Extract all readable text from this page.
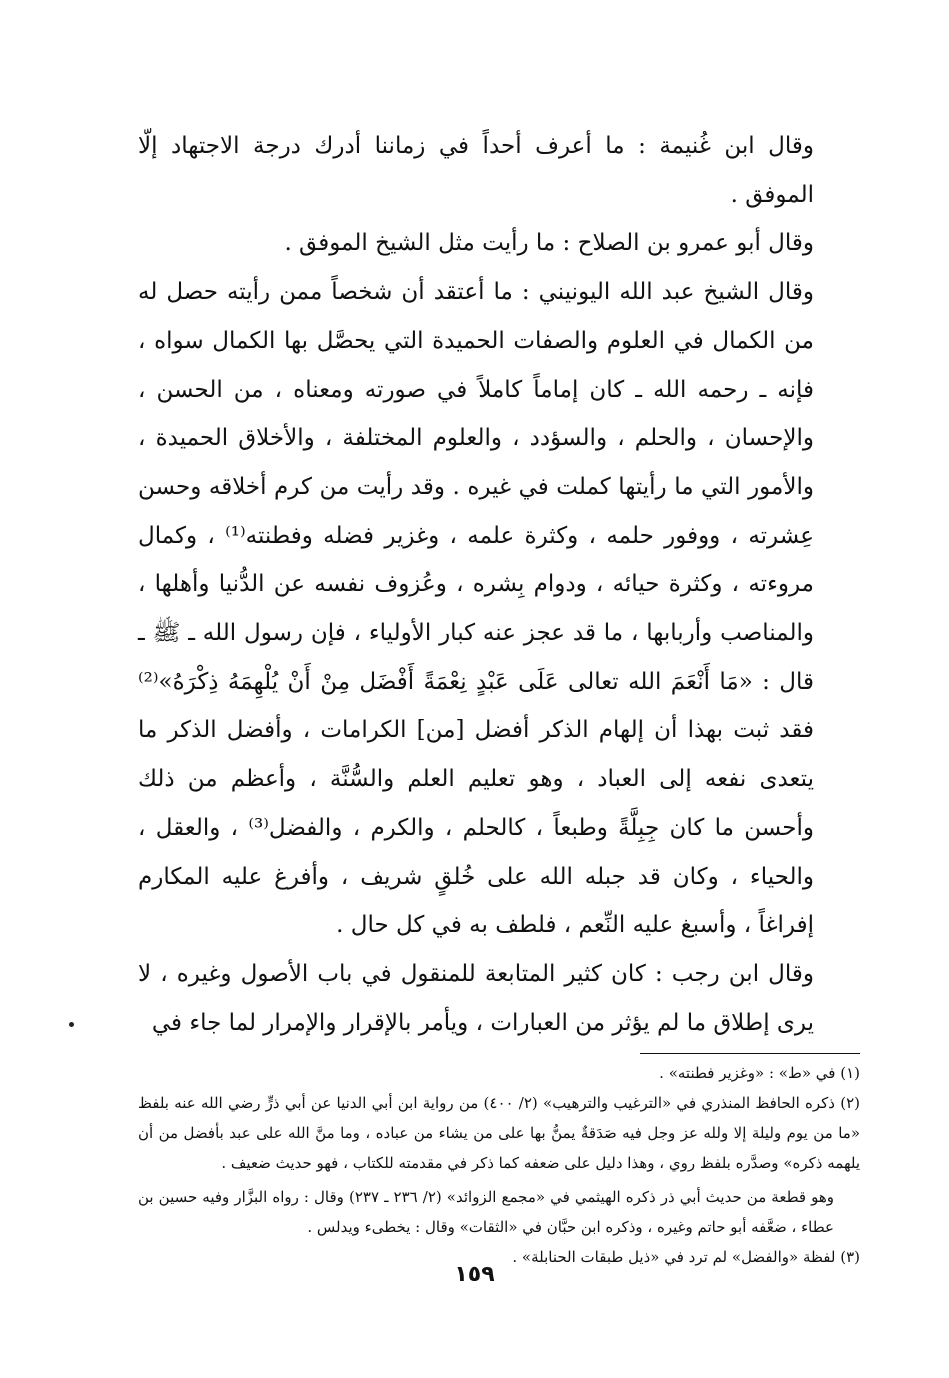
وقال ابن غُنيمة : ما أعرف أحداً في زماننا أدرك درجة الاجتهاد إلّا الموفق .

وقال أبو عمرو بن الصلاح : ما رأيت مثل الشيخ الموفق .

وقال الشيخ عبد الله اليونيني : ما أعتقد أن شخصاً ممن رأيته حصل له من الكمال في العلوم والصفات الحميدة التي يحصَّل بها الكمال سواه ، فإنه ـ رحمه الله ـ كان إماماً كاملاً في صورته ومعناه ، من الحسن ، والإحسان ، والحلم ، والسؤدد ، والعلوم المختلفة ، والأخلاق الحميدة ، والأمور التي ما رأيتها كملت في غيره . وقد رأيت من كرم أخلاقه وحسن عِشرته ، ووفور حلمه ، وكثرة علمه ، وغزير فضله وفطنته⁽¹⁾ ، وكمال مروءته ، وكثرة حيائه ، ودوام بِشره ، وعُزوف نفسه عن الدُّنيا وأهلها ، والمناصب وأربابها ، ما قد عجز عنه كبار الأولياء ، فإن رسول الله ـ ﷺ ـ قال : «مَا أَنْعَمَ الله تعالى عَلَى عَبْدٍ نِعْمَةً أَفْضَل مِنْ أَنْ يُلْهِمَهُ ذِكْرَهُ»⁽²⁾ فقد ثبت بهذا أن إلهام الذكر أفضل [من] الكرامات ، وأفضل الذكر ما يتعدى نفعه إلى العباد ، وهو تعليم العلم والسُّنَّة ، وأعظم من ذلك وأحسن ما كان جِبِلَّةً وطبعاً ، كالحلم ، والكرم ، والفضل⁽³⁾ ، والعقل ، والحياء ، وكان قد جبله الله على خُلقٍ شريف ، وأفرغ عليه المكارم إفراغاً ، وأسبغ عليه النِّعم ، فلطف به في كل حال .

وقال ابن رجب : كان كثير المتابعة للمنقول في باب الأصول وغيره ، لا يرى إطلاق ما لم يؤثر من العبارات ، ويأمر بالإقرار والإمرار لما جاء في

(١) في «ط» : «وغزير فطنته» .

(٢) ذكره الحافظ المنذري في «الترغيب والترهيب» (٢/ ٤٠٠) من رواية ابن أبي الدنيا عن أبي ذرٍّ رضي الله عنه بلفظ «ما من يوم وليلة إلا ولله عز وجل فيه صَدَقةٌ يمنُّ بها على من يشاء من عباده ، وما منَّ الله على عبد بأفضل من أن يلهمه ذكره» وصدَّره بلفظ روي ، وهذا دليل على ضعفه كما ذكر في مقدمته للكتاب ، فهو حديث ضعيف .

وهو قطعة من حديث أبي ذر ذكره الهيثمي في «مجمع الزوائد» (٢/ ٢٣٦ ـ ٢٣٧) وقال : رواه البزَّار وفيه حسين بن عطاء ، ضعَّفه أبو حاتم وغيره ، وذكره ابن حبَّان في «الثقات» وقال : يخطىء ويدلس .

(٣) لفظة «والفضل» لم ترد في «ذيل طبقات الحنابلة» .

١٥٩
